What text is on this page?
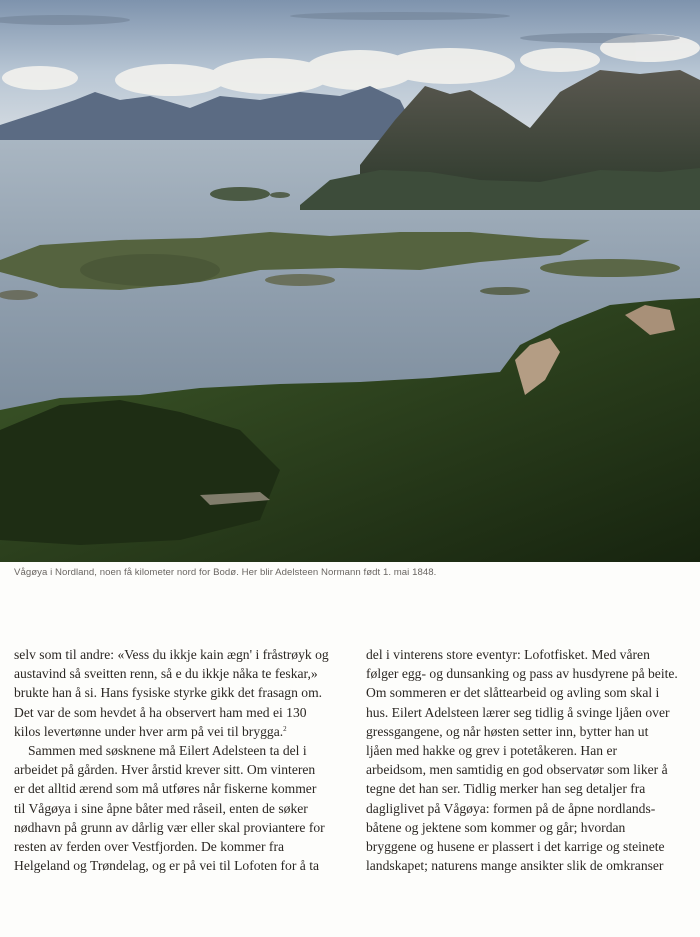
Vågøya i Nordland, noen få kilometer nord for Bodø. Her blir Adelsteen Normann født 1. mai 1848.
selv som til andre: «Vess du ikkje kain ægn' i fråstrøyk og
austavind så sveitten renn, så e du ikkje nåka te feskar,»
brukte han å si. Hans fysiske styrke gikk det frasagn om.
Det var de som hevdet å ha observert ham med ei 130
kilos levertønne under hver arm på vei til brygga.$^2$
Sammen med søsknene må Eilert Adelsteen ta del i
arbeidet på gården. Hver årstid krever sitt. Om vinteren
er det alltid ærend som må utføres når fiskerne kommer
til Vågøya i sine åpne båter med råseil, enten de søker
nødhavn på grunn av dårlig vær eller skal proviantere for
resten av ferden over Vestfjorden. De kommer fra
Helgeland og Trøndelag, og er på vei til Lofoten for å ta
del i vinterens store eventyr: Lofotfisket. Med våren
følger egg- og dunsanking og pass av husdyrene på beite.
Om sommeren er det slåttearbeid og avling som skal i
hus. Eilert Adelsteen lærer seg tidlig å svinge ljåen over
gressgangene, og når høsten setter inn, bytter han ut
ljåen med hakke og grev i potetåkeren. Han er
arbeidsom, men samtidig en god observatør som liker å
tegne det han ser. Tidlig merker han seg detaljer fra
dagliglivet på Vågøya: formen på de åpne nordlands-
båtene og jektene som kommer og går; hvordan
bryggene og husene er plassert i det karrige og steinete
landskapet; naturens mange ansikter slik de omkranser
